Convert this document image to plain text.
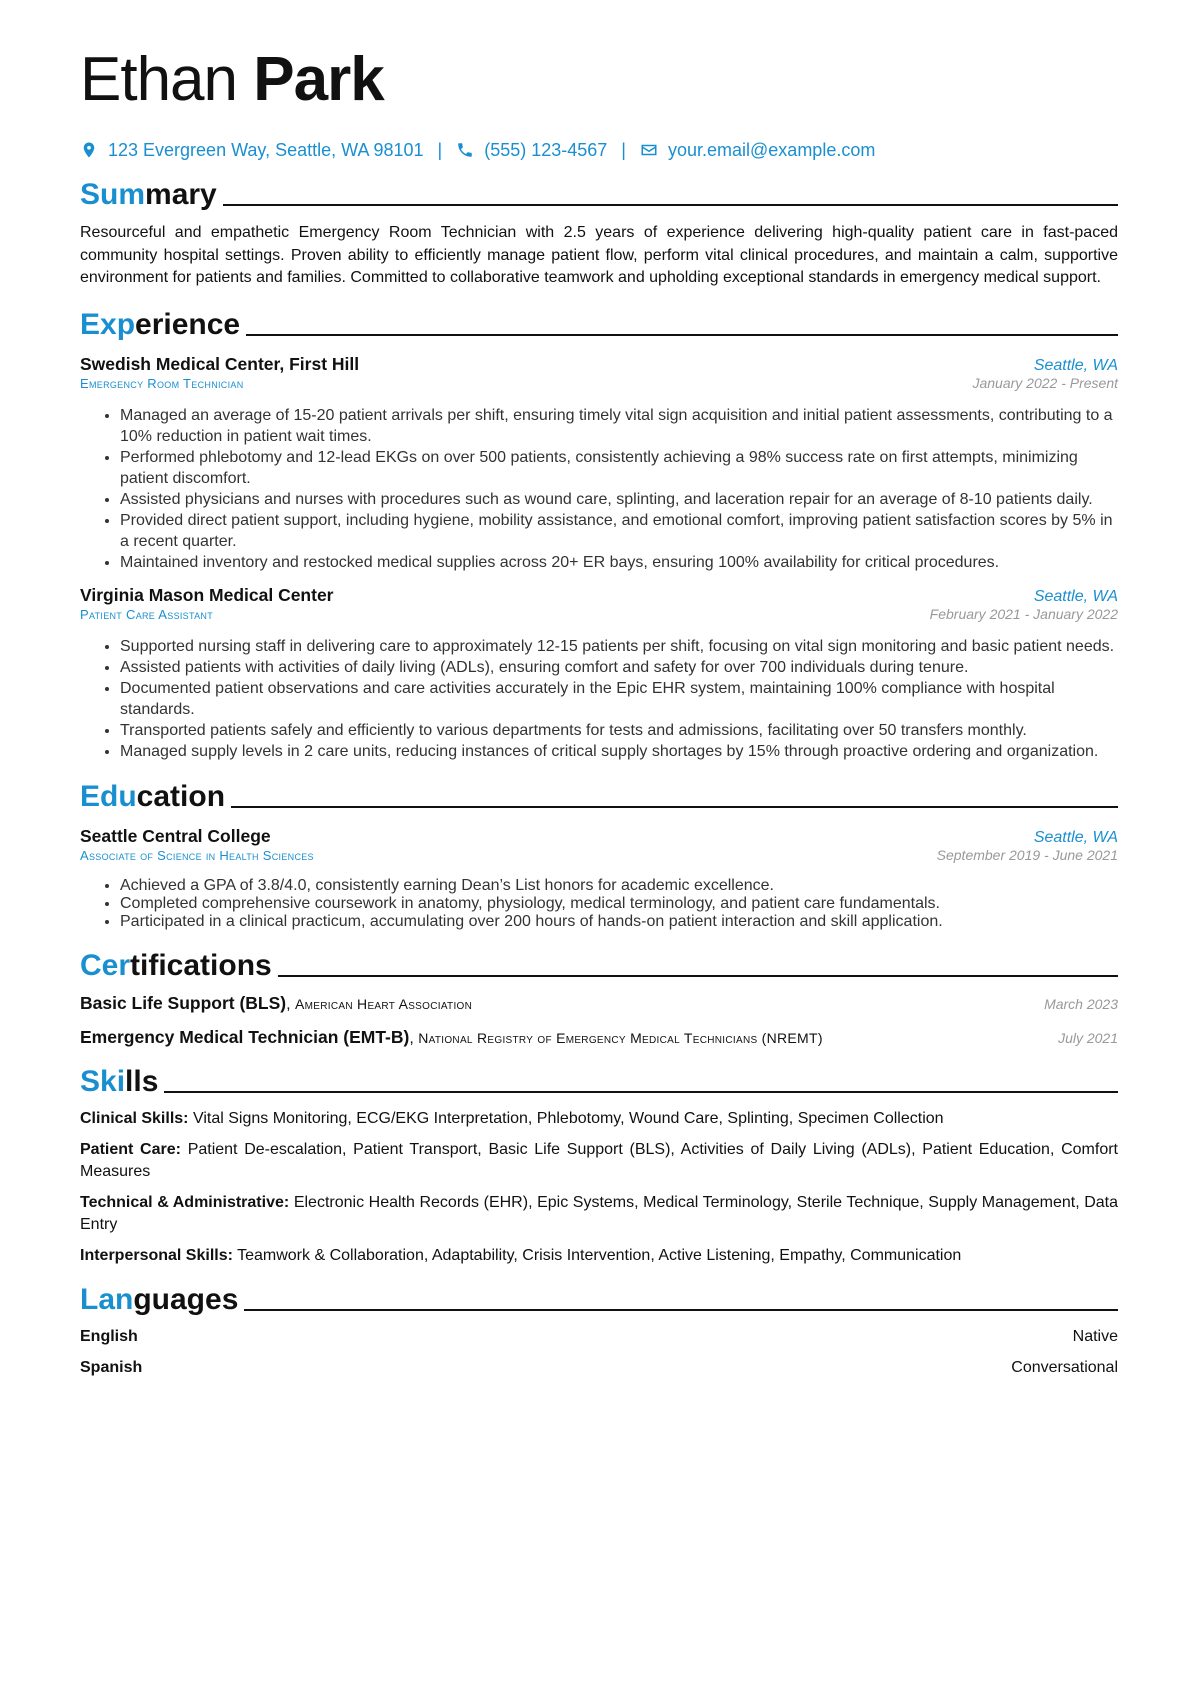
Ethan Park
123 Evergreen Way, Seattle, WA 98101 | (555) 123-4567 | your.email@example.com
Summary
Resourceful and empathetic Emergency Room Technician with 2.5 years of experience delivering high-quality patient care in fast-paced community hospital settings. Proven ability to efficiently manage patient flow, perform vital clinical procedures, and maintain a calm, supportive environment for patients and families. Committed to collaborative teamwork and upholding exceptional standards in emergency medical support.
Experience
Swedish Medical Center, First Hill	Seattle, WA
Emergency Room Technician	January 2022 - Present
• Managed an average of 15-20 patient arrivals per shift, ensuring timely vital sign acquisition and initial patient assessments, contributing to a 10% reduction in patient wait times.
• Performed phlebotomy and 12-lead EKGs on over 500 patients, consistently achieving a 98% success rate on first attempts, minimizing patient discomfort.
• Assisted physicians and nurses with procedures such as wound care, splinting, and laceration repair for an average of 8-10 patients daily.
• Provided direct patient support, including hygiene, mobility assistance, and emotional comfort, improving patient satisfaction scores by 5% in a recent quarter.
• Maintained inventory and restocked medical supplies across 20+ ER bays, ensuring 100% availability for critical procedures.
Virginia Mason Medical Center	Seattle, WA
Patient Care Assistant	February 2021 - January 2022
• Supported nursing staff in delivering care to approximately 12-15 patients per shift, focusing on vital sign monitoring and basic patient needs.
• Assisted patients with activities of daily living (ADLs), ensuring comfort and safety for over 700 individuals during tenure.
• Documented patient observations and care activities accurately in the Epic EHR system, maintaining 100% compliance with hospital standards.
• Transported patients safely and efficiently to various departments for tests and admissions, facilitating over 50 transfers monthly.
• Managed supply levels in 2 care units, reducing instances of critical supply shortages by 15% through proactive ordering and organization.
Education
Seattle Central College	Seattle, WA
Associate of Science in Health Sciences	September 2019 - June 2021
• Achieved a GPA of 3.8/4.0, consistently earning Dean’s List honors for academic excellence.
• Completed comprehensive coursework in anatomy, physiology, medical terminology, and patient care fundamentals.
• Participated in a clinical practicum, accumulating over 200 hours of hands-on patient interaction and skill application.
Certifications
Basic Life Support (BLS), American Heart Association	March 2023
Emergency Medical Technician (EMT-B), National Registry of Emergency Medical Technicians (NREMT)	July 2021
Skills
Clinical Skills: Vital Signs Monitoring, ECG/EKG Interpretation, Phlebotomy, Wound Care, Splinting, Specimen Collection
Patient Care: Patient De-escalation, Patient Transport, Basic Life Support (BLS), Activities of Daily Living (ADLs), Patient Education, Comfort Measures
Technical & Administrative: Electronic Health Records (EHR), Epic Systems, Medical Terminology, Sterile Technique, Supply Management, Data Entry
Interpersonal Skills: Teamwork & Collaboration, Adaptability, Crisis Intervention, Active Listening, Empathy, Communication
Languages
English	Native
Spanish	Conversational
